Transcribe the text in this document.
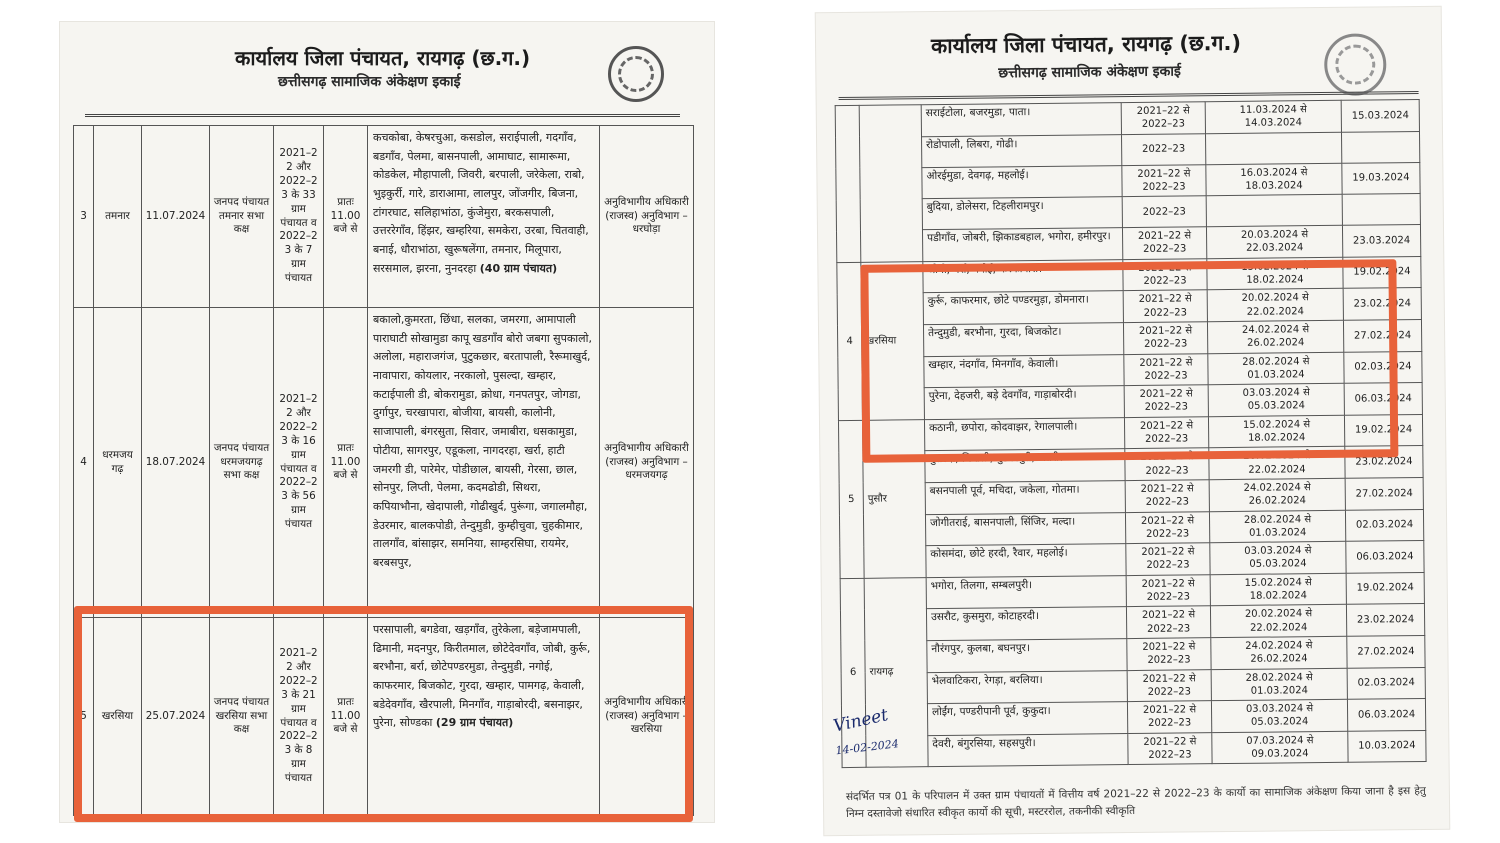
कार्यालय जिला पंचायत, रायगढ़ (छ.ग.)
छत्तीसगढ़ सामाजिक अंकेक्षण इकाई
3	तमनार	11.07.2024	जनपद पंचायत तमनार सभा कक्ष	2021–2 2 और 2022–2 3 के 33 ग्राम पंचायत व 2022–2 3 के 7 ग्राम पंचायत	प्रातः 11.00 बजे से	कचकोबा, केषरचुआ, कसडोल, सराईपाली, गदगाँव, बडगाँव, पेलमा, बासनपाली, आमाघाट, सामारूमा, कोडकेल, मौहापाली, जिवरी, बरपाली, जरेकेला, राबो, भुइकुर्री, गारे, डाराआमा, लालपुर, जोंजगीर, बिजना, टांगरघाट, सलिहाभांठा, कुंजेमुरा, बरकसपाली, उत्तररेगाँव, हिंझर, खम्हरिया, समकेरा, उरबा, चितवाही, बनाई, धौराभांठा, खुरूषलेंगा, तमनार, मिलूपारा, सरसमाल, झरना, नुनदरहा (40 ग्राम पंचायत)	अनुविभागीय अधिकारी (राजस्व) अनुविभाग – धरघोड़ा
4	धरमजय गढ़	18.07.2024	जनपद पंचायत धरमजयगढ़ सभा कक्ष	2021–2 2 और 2022–2 3 के 16 ग्राम पंचायत व 2022–2 3 के 56 ग्राम पंचायत	प्रातः 11.00 बजे से	बकालो,कुमरता, छिंधा, सलका, जमरगा, आमापाली पाराघाटी सोखामुडा कापू खडगाँव बोरो जबगा सुपकालो, अलोला, महाराजगंज, पुटुकछार, बरतापाली, रैरूमाखुर्द, नावापारा, कोयलार, नरकालो, पुसल्दा, खम्हार, कटाईपाली डी, बोकरामुडा, क्रोधा, गनपतपुर, जोगडा, दुर्गापुर, चरखापारा, बोजीया, बायसी, कालोनी, साजापाली, बंगरसुता, सिवार, जमाबीरा, धसकामुडा, पोटीया, सागरपुर, एडूकला, नागदरहा, खर्रा, हाटी जमरगी डी, पारेमेर, पोडीछाल, बायसी, गेरसा, छाल, सोनपुर, लिप्ती, पेलमा, कदमढोडी, सिथरा, कपियाभौना, खेदापाली, गोढीखुर्द, पुरूंगा, जगालमौहा, डेउरमार, बालकपोडी, तेन्दुमुडी, कुम्हीचुवा, चुहकीमार, तालगाँव, बांसाझर, समनिया, साम्हरसिघा, रायमेर, बरबसपुर,	अनुविभागीय अधिकारी (राजस्व) अनुविभाग – धरमजयगढ़
5	खरसिया	25.07.2024	जनपद पंचायत खरसिया सभा कक्ष	2021–2 2 और 2022–2 3 के 21 ग्राम पंचायत व 2022–2 3 के 8 ग्राम पंचायत	प्रातः 11.00 बजे से	परसापाली, बगडेवा, खड़गाँव, तुरेकेला, बड़ेजामपाली, ढिमानी, मदनपुर, किरीतमाल, छोटेदेवगाँव, जोबी, कुर्रू, बरभौना, बर्रा, छोटेपण्डरमुडा, तेन्दुमुडी, नगोई, काफरमार, बिजकोट, गुरदा, खम्हार, पामगढ़, केवाली, बडेदेवगाँव, खैरपाली, मिनगाँव, गाड़ाबोरदी, बसनाझर, पुरेना, सोण्डका (29 ग्राम पंचायत)	अनुविभागीय अधिकारी (राजस्व) अनुविभाग – खरसिया
कार्यालय जिला पंचायत, रायगढ़ (छ.ग.)
छत्तीसगढ़ सामाजिक अंकेक्षण इकाई
		सराईटोला, बजरमुडा, पाता।	2021–22 से 2022–23	11.03.2024 से 14.03.2024	15.03.2024
		रोडोपाली, लिबरा, गोढी।	2022–23		
		ओरईमुडा, देवगढ़, महलोई।	2021–22 से 2022–23	16.03.2024 से 18.03.2024	19.03.2024
		बुदिया, डोलेसरा, टिहलीरामपुर।	2022–23		
		पडीगाँव, जोबरी, झिकाडबहाल, भगोरा, हमीरपुर।	2021–22 से 2022–23	20.03.2024 से 22.03.2024	23.03.2024
4	खरसिया	जोबी, बर्रा, नगोई, फरकानारा।	2021–22 से 2022–23	15.02.2024 से 18.02.2024	19.02.2024
		कुर्रू, काफरमार, छोटे पण्डरमुड़ा, डोमनारा।	2021–22 से 2022–23	20.02.2024 से 22.02.2024	23.02.2024
		तेन्दुमुडी, बरभौना, गुरदा, बिजकोट।	2021–22 से 2022–23	24.02.2024 से 26.02.2024	27.02.2024
		खम्हार, नंदगाँव, मिनगाँव, केवाली।	2021–22 से 2022–23	28.02.2024 से 01.03.2024	02.03.2024
		पुरेना, देहजरी, बड़े देवगाँव, गाड़ाबोरदी।	2021–22 से 2022–23	03.03.2024 से 05.03.2024	06.03.2024
5	पुसौर	कठानी, छपोरा, कोदवाझर, रेगालपाली।	2021–22 से 2022–23	15.02.2024 से 18.02.2024	19.02.2024
		पुसल्दा, चिखली, पुटकापुरी, जतरी।	2021–22 से 2022–23	20.02.2024 से 22.02.2024	23.02.2024
		बसनपाली पूर्व, मचिदा, जकेला, गोतमा।	2021–22 से 2022–23	24.02.2024 से 26.02.2024	27.02.2024
		जोगीतराई, बासनपाली, सिंजिर, मल्दा।	2021–22 से 2022–23	28.02.2024 से 01.03.2024	02.03.2024
		कोसमंदा, छोटे हरदी, रैवार, महलोई।	2021–22 से 2022–23	03.03.2024 से 05.03.2024	06.03.2024
6	रायगढ़	भगोरा, तिलगा, सम्बलपुरी।	2021–22 से 2022–23	15.02.2024 से 18.02.2024	19.02.2024
		उसरौट, कुसमुरा, कोटाहरदी।	2021–22 से 2022–23	20.02.2024 से 22.02.2024	23.02.2024
		नौरंगपुर, कुलबा, बघनपुर।	2021–22 से 2022–23	24.02.2024 से 26.02.2024	27.02.2024
		भेलवाटिकरा, रेगड़ा, बरलिया।	2021–22 से 2022–23	28.02.2024 से 01.03.2024	02.03.2024
		लोईंग, पण्डरीपानी पूर्व, कुकुदा।	2021–22 से 2022–23	03.03.2024 से 05.03.2024	06.03.2024
		देवरी, बंगुरसिया, सहसपुरी।	2021–22 से 2022–23	07.03.2024 से 09.03.2024	10.03.2024
Vineet
14-02-2024
संदर्भित पत्र 01 के परिपालन में उक्त ग्राम पंचायतों में वित्तीय वर्ष 2021–22 से 2022–23 के कार्यो का सामाजिक अंकेक्षण किया जाना है इस हेतु निम्न दस्तावेजो संधारित स्वीकृत कार्यो की सूची, मस्टररोल, तकनीकी स्वीकृति
